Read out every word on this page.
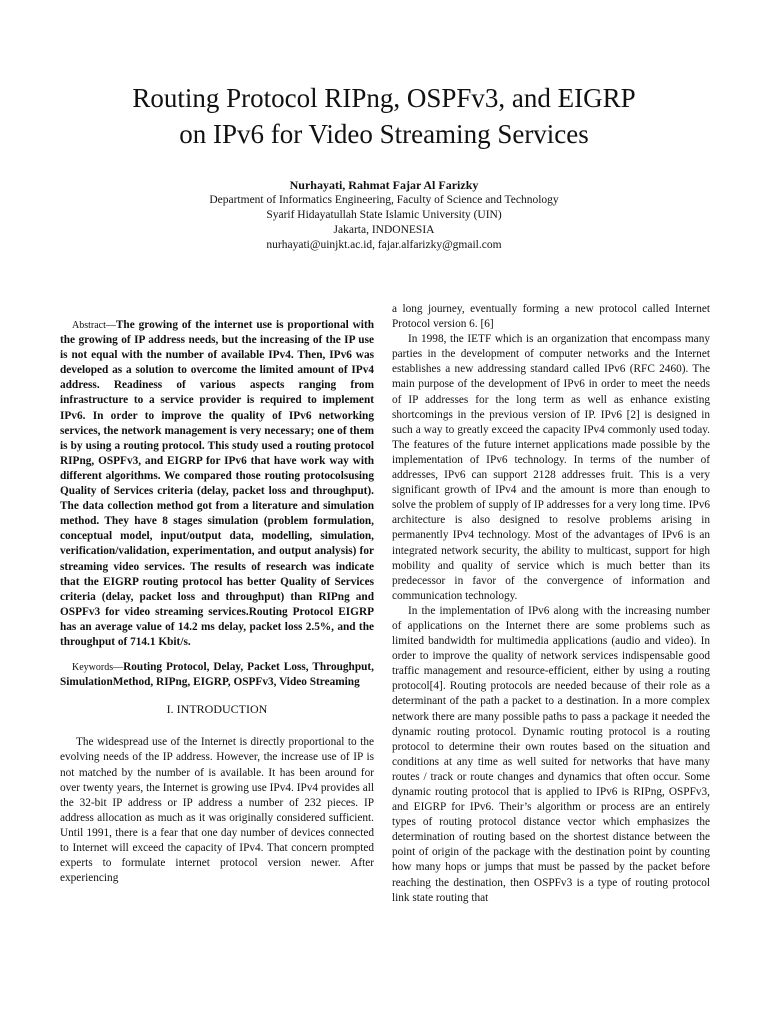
Routing Protocol RIPng, OSPFv3, and EIGRP
on IPv6 for Video Streaming Services
Nurhayati, Rahmat Fajar Al Farizky
Department of Informatics Engineering, Faculty of Science and Technology
Syarif Hidayatullah State Islamic University (UIN)
Jakarta, INDONESIA
nurhayati@uinjkt.ac.id, fajar.alfarizky@gmail.com

Abstract—The growing of the internet use is proportional with the growing of IP address needs, but the increasing of the IP use is not equal with the number of available IPv4. Then, IPv6 was developed as a solution to overcome the limited amount of IPv4 address. Readiness of various aspects ranging from infrastructure to a service provider is required to implement IPv6. In order to improve the quality of IPv6 networking services, the network management is very necessary; one of them is by using a routing protocol. This study used a routing protocol RIPng, OSPFv3, and EIGRP for IPv6 that have work way with different algorithms. We compared those routing protocolsusing Quality of Services criteria (delay, packet loss and throughput). The data collection method got from a literature and simulation method. They have 8 stages simulation (problem formulation, conceptual model, input/output data, modelling, simulation, verification/validation, experimentation, and output analysis) for streaming video services. The results of research was indicate that the EIGRP routing protocol has better Quality of Services criteria (delay, packet loss and throughput) than RIPng and OSPFv3 for video streaming services.Routing Protocol EIGRP has an average value of 14.2 ms delay, packet loss 2.5%, and the throughput of 714.1 Kbit/s.

Keywords—Routing Protocol, Delay, Packet Loss, Throughput, SimulationMethod, RIPng, EIGRP, OSPFv3, Video Streaming

I. INTRODUCTION

The widespread use of the Internet is directly proportional to the evolving needs of the IP address. However, the increase use of IP is not matched by the number of is available. It has been around for over twenty years, the Internet is growing use IPv4. IPv4 provides all the 32-bit IP address or IP address a number of 232 pieces. IP address allocation as much as it was originally considered sufficient. Until 1991, there is a fear that one day number of devices connected to Internet will exceed the capacity of IPv4. That concern prompted experts to formulate internet protocol version newer. After experiencing

a long journey, eventually forming a new protocol called Internet Protocol version 6. [6]

In 1998, the IETF which is an organization that encompass many parties in the development of computer networks and the Internet establishes a new addressing standard called IPv6 (RFC 2460). The main purpose of the development of IPv6 in order to meet the needs of IP addresses for the long term as well as enhance existing shortcomings in the previous version of IP. IPv6 [2] is designed in such a way to greatly exceed the capacity IPv4 commonly used today. The features of the future internet applications made possible by the implementation of IPv6 technology. In terms of the number of addresses, IPv6 can support 2128 addresses fruit. This is a very significant growth of IPv4 and the amount is more than enough to solve the problem of supply of IP addresses for a very long time. IPv6 architecture is also designed to resolve problems arising in permanently IPv4 technology. Most of the advantages of IPv6 is an integrated network security, the ability to multicast, support for high mobility and quality of service which is much better than its predecessor in favor of the convergence of information and communication technology.

In the implementation of IPv6 along with the increasing number of applications on the Internet there are some problems such as limited bandwidth for multimedia applications (audio and video). In order to improve the quality of network services indispensable good traffic management and resource-efficient, either by using a routing protocol[4]. Routing protocols are needed because of their role as a determinant of the path a packet to a destination. In a more complex network there are many possible paths to pass a package it needed the dynamic routing protocol. Dynamic routing protocol is a routing protocol to determine their own routes based on the situation and conditions at any time as well suited for networks that have many routes / track or route changes and dynamics that often occur. Some dynamic routing protocol that is applied to IPv6 is RIPng, OSPFv3, and EIGRP for IPv6. Their’s algorithm or process are an entirely types of routing protocol distance vector which emphasizes the determination of routing based on the shortest distance between the point of origin of the package with the destination point by counting how many hops or jumps that must be passed by the packet before reaching the destination, then OSPFv3 is a type of routing protocol link state routing that
